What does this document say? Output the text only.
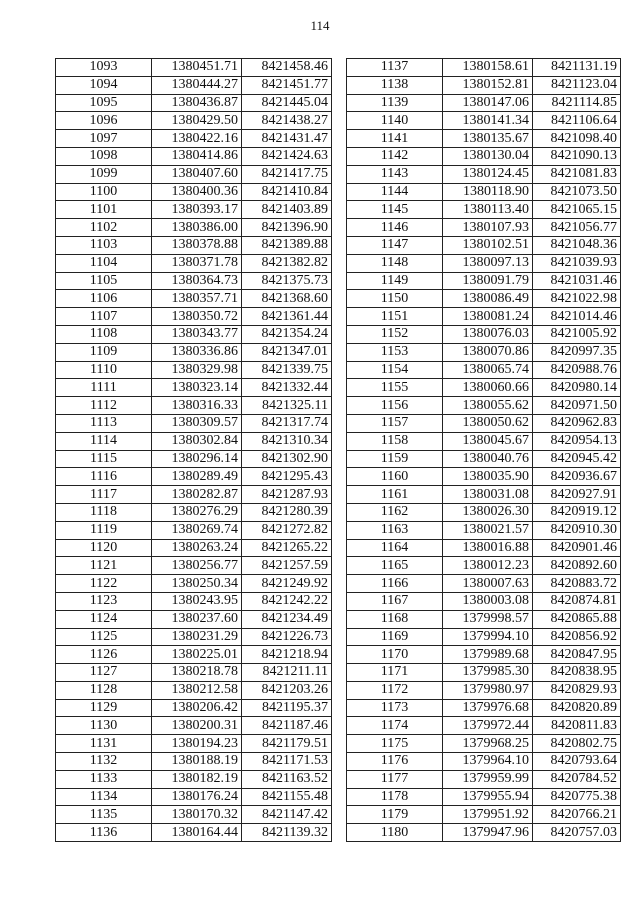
114
1093	1380451.71	8421458.46
1094	1380444.27	8421451.77
1095	1380436.87	8421445.04
1096	1380429.50	8421438.27
1097	1380422.16	8421431.47
1098	1380414.86	8421424.63
1099	1380407.60	8421417.75
1100	1380400.36	8421410.84
1101	1380393.17	8421403.89
1102	1380386.00	8421396.90
1103	1380378.88	8421389.88
1104	1380371.78	8421382.82
1105	1380364.73	8421375.73
1106	1380357.71	8421368.60
1107	1380350.72	8421361.44
1108	1380343.77	8421354.24
1109	1380336.86	8421347.01
1110	1380329.98	8421339.75
1111	1380323.14	8421332.44
1112	1380316.33	8421325.11
1113	1380309.57	8421317.74
1114	1380302.84	8421310.34
1115	1380296.14	8421302.90
1116	1380289.49	8421295.43
1117	1380282.87	8421287.93
1118	1380276.29	8421280.39
1119	1380269.74	8421272.82
1120	1380263.24	8421265.22
1121	1380256.77	8421257.59
1122	1380250.34	8421249.92
1123	1380243.95	8421242.22
1124	1380237.60	8421234.49
1125	1380231.29	8421226.73
1126	1380225.01	8421218.94
1127	1380218.78	8421211.11
1128	1380212.58	8421203.26
1129	1380206.42	8421195.37
1130	1380200.31	8421187.46
1131	1380194.23	8421179.51
1132	1380188.19	8421171.53
1133	1380182.19	8421163.52
1134	1380176.24	8421155.48
1135	1380170.32	8421147.42
1136	1380164.44	8421139.32
1137	1380158.61	8421131.19
1138	1380152.81	8421123.04
1139	1380147.06	8421114.85
1140	1380141.34	8421106.64
1141	1380135.67	8421098.40
1142	1380130.04	8421090.13
1143	1380124.45	8421081.83
1144	1380118.90	8421073.50
1145	1380113.40	8421065.15
1146	1380107.93	8421056.77
1147	1380102.51	8421048.36
1148	1380097.13	8421039.93
1149	1380091.79	8421031.46
1150	1380086.49	8421022.98
1151	1380081.24	8421014.46
1152	1380076.03	8421005.92
1153	1380070.86	8420997.35
1154	1380065.74	8420988.76
1155	1380060.66	8420980.14
1156	1380055.62	8420971.50
1157	1380050.62	8420962.83
1158	1380045.67	8420954.13
1159	1380040.76	8420945.42
1160	1380035.90	8420936.67
1161	1380031.08	8420927.91
1162	1380026.30	8420919.12
1163	1380021.57	8420910.30
1164	1380016.88	8420901.46
1165	1380012.23	8420892.60
1166	1380007.63	8420883.72
1167	1380003.08	8420874.81
1168	1379998.57	8420865.88
1169	1379994.10	8420856.92
1170	1379989.68	8420847.95
1171	1379985.30	8420838.95
1172	1379980.97	8420829.93
1173	1379976.68	8420820.89
1174	1379972.44	8420811.83
1175	1379968.25	8420802.75
1176	1379964.10	8420793.64
1177	1379959.99	8420784.52
1178	1379955.94	8420775.38
1179	1379951.92	8420766.21
1180	1379947.96	8420757.03
